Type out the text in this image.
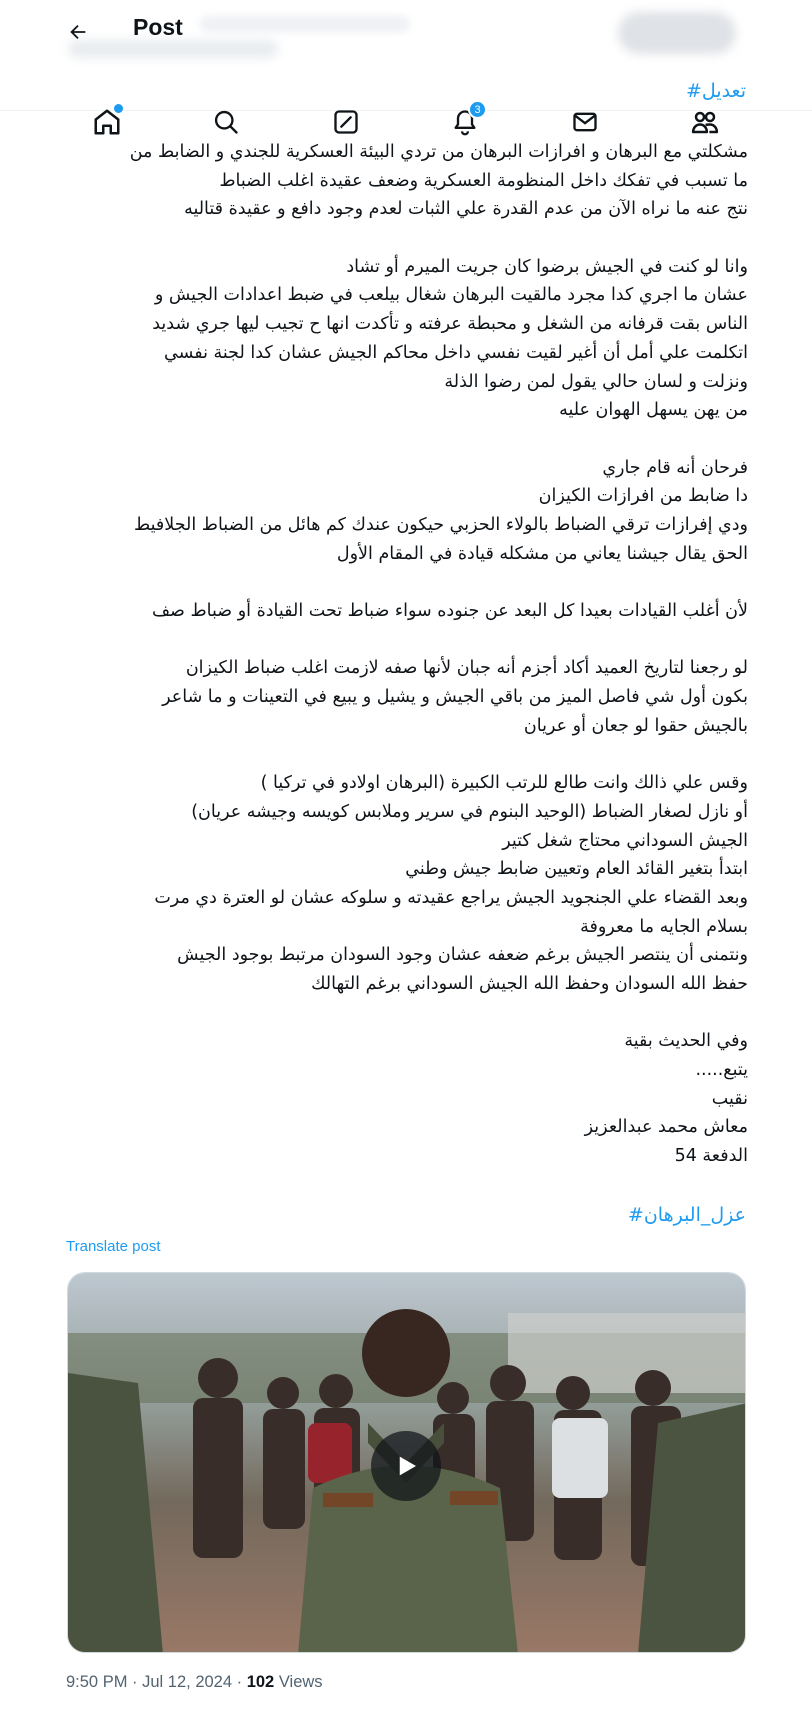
Post
#تعديل
3
مشكلتي مع البرهان و افرازات البرهان من تردي البيئة العسكرية للجندي و الضابط من
ما تسبب في تفكك داخل المنظومة العسكرية وضعف عقيدة اغلب الضباط
نتج عنه ما نراه الآن من عدم القدرة علي الثبات لعدم وجود دافع و عقيدة قتاليه
وانا لو كنت في الجيش برضوا كان جريت الميرم أو تشاد
عشان ما اجري كدا مجرد مالقيت البرهان شغال بيلعب في ضبط اعدادات الجيش و
الناس بقت قرفانه من الشغل و محبطة عرفته و تأكدت انها ح تجيب ليها جري شديد
اتكلمت علي أمل أن أغير لقيت نفسي داخل محاكم الجيش عشان كدا لجنة نفسي
ونزلت و لسان حالي يقول لمن رضوا الذلة
من يهن يسهل الهوان عليه
فرحان أنه قام جاري
دا ضابط من افرازات الكيزان
ودي إفرازات ترقي الضباط بالولاء الحزبي حيكون عندك كم هائل من الضباط الجلافيط
الحق يقال جيشنا يعاني من مشكله قيادة في المقام الأول
لأن أغلب القيادات بعيدا كل البعد عن جنوده سواء ضباط تحت القيادة أو ضباط صف
لو رجعنا لتاريخ العميد أكاد أجزم أنه جبان لأنها صفه لازمت اغلب ضباط الكيزان
بكون أول شي فاصل الميز من باقي الجيش و يشيل و يبيع في التعينات و ما شاعر
بالجيش حقوا لو جعان أو عريان
وقس علي ذالك وانت طالع للرتب الكبيرة (البرهان اولادو في تركيا )
أو نازل لصغار الضباط (الوحيد البنوم في سرير وملابس كويسه وجيشه عريان)
الجيش السوداني محتاج شغل كتير
ابتدأ بتغير القائد العام وتعيين ضابط جيش وطني
وبعد القضاء علي الجنجويد الجيش يراجع عقيدته و سلوكه عشان لو العترة دي مرت
بسلام الجايه ما معروفة
ونتمنى أن ينتصر الجيش برغم ضعفه عشان وجود السودان مرتبط بوجود الجيش
حفظ الله السودان وحفظ الله الجيش السوداني برغم التهالك
وفي الحديث بقية
يتبع.....
نقيب
معاش محمد عبدالعزيز
الدفعة 54
#عزل_البرهان
Translate post
9:50 PM · Jul 12, 2024 · 102 Views
